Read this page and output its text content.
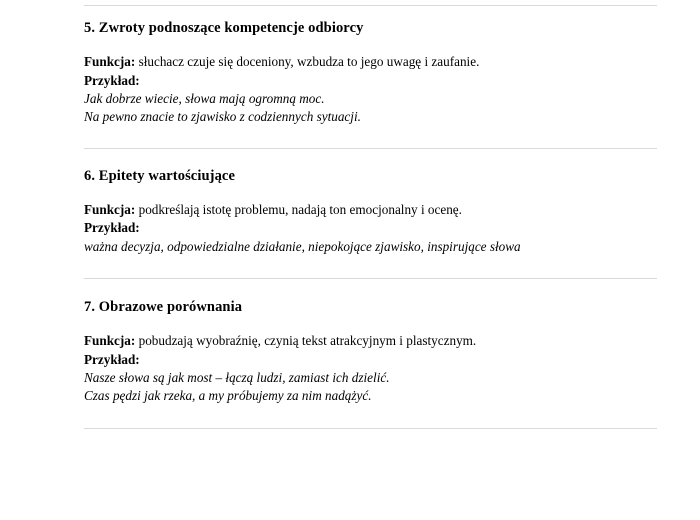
5. Zwroty podnoszące kompetencje odbiorcy

Funkcja: słuchacz czuje się doceniony, wzbudza to jego uwagę i zaufanie.

Przykład:

Jak dobrze wiecie, słowa mają ogromną moc.

Na pewno znacie to zjawisko z codziennych sytuacji.

6. Epitety wartościujące

Funkcja: podkreślają istotę problemu, nadają ton emocjonalny i ocenę.

Przykład:

ważna decyzja, odpowiedzialne działanie, niepokojące zjawisko, inspirujące słowa

7. Obrazowe porównania

Funkcja: pobudzają wyobraźnię, czynią tekst atrakcyjnym i plastycznym.

Przykład:

Nasze słowa są jak most – łączą ludzi, zamiast ich dzielić.

Czas pędzi jak rzeka, a my próbujemy za nim nadążyć.
